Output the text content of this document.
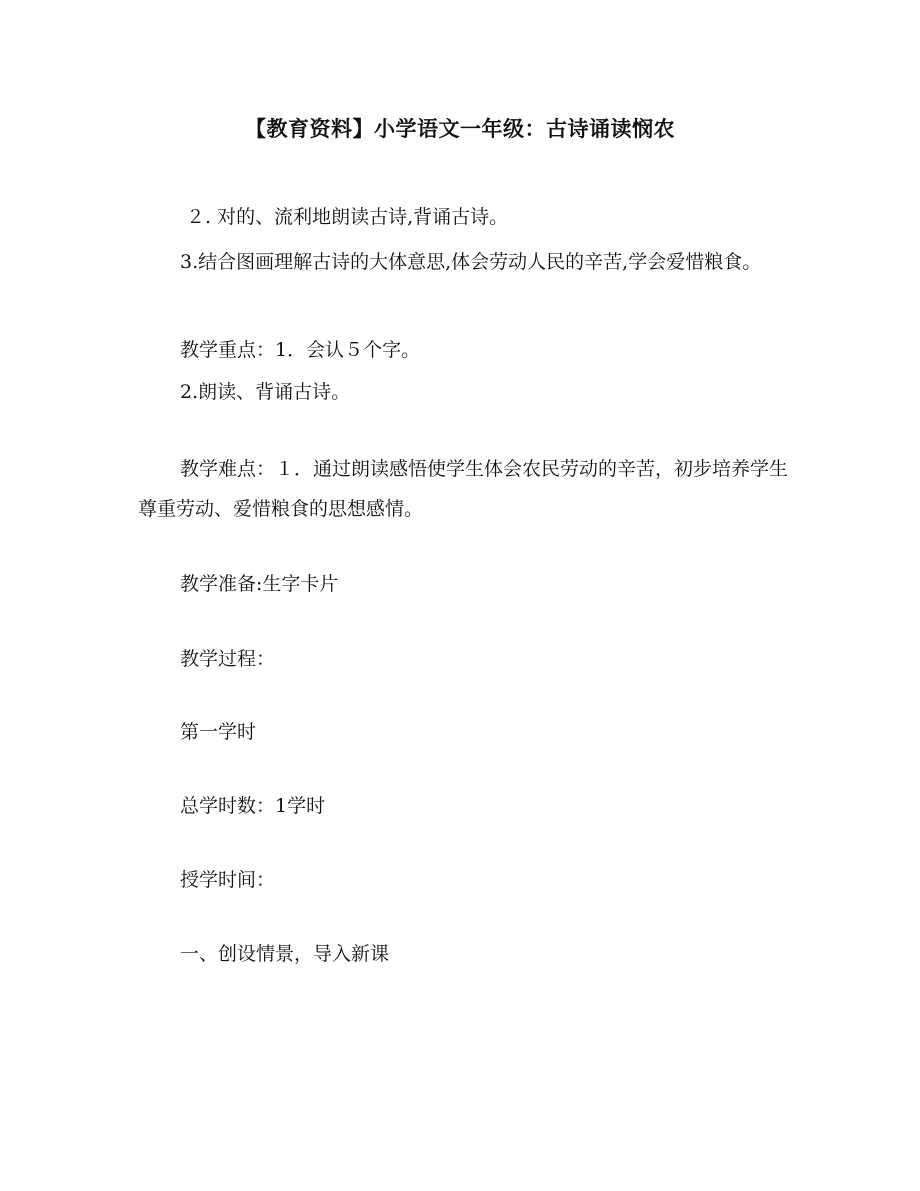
【教育资料】小学语文一年级：古诗诵读悯农
２. 对的、流利地朗读古诗,背诵古诗。
3.结合图画理解古诗的大体意思,体会劳动人民的辛苦,学会爱惜粮食。
教学重点：1．会认５个字。
2.朗读、背诵古诗。
教学难点：１．通过朗读感悟使学生体会农民劳动的辛苦，初步培养学生尊重劳动、爱惜粮食的思想感情。
教学准备:生字卡片
教学过程：
第一学时
总学时数：1学时
授学时间：
一、创设情景，导入新课
